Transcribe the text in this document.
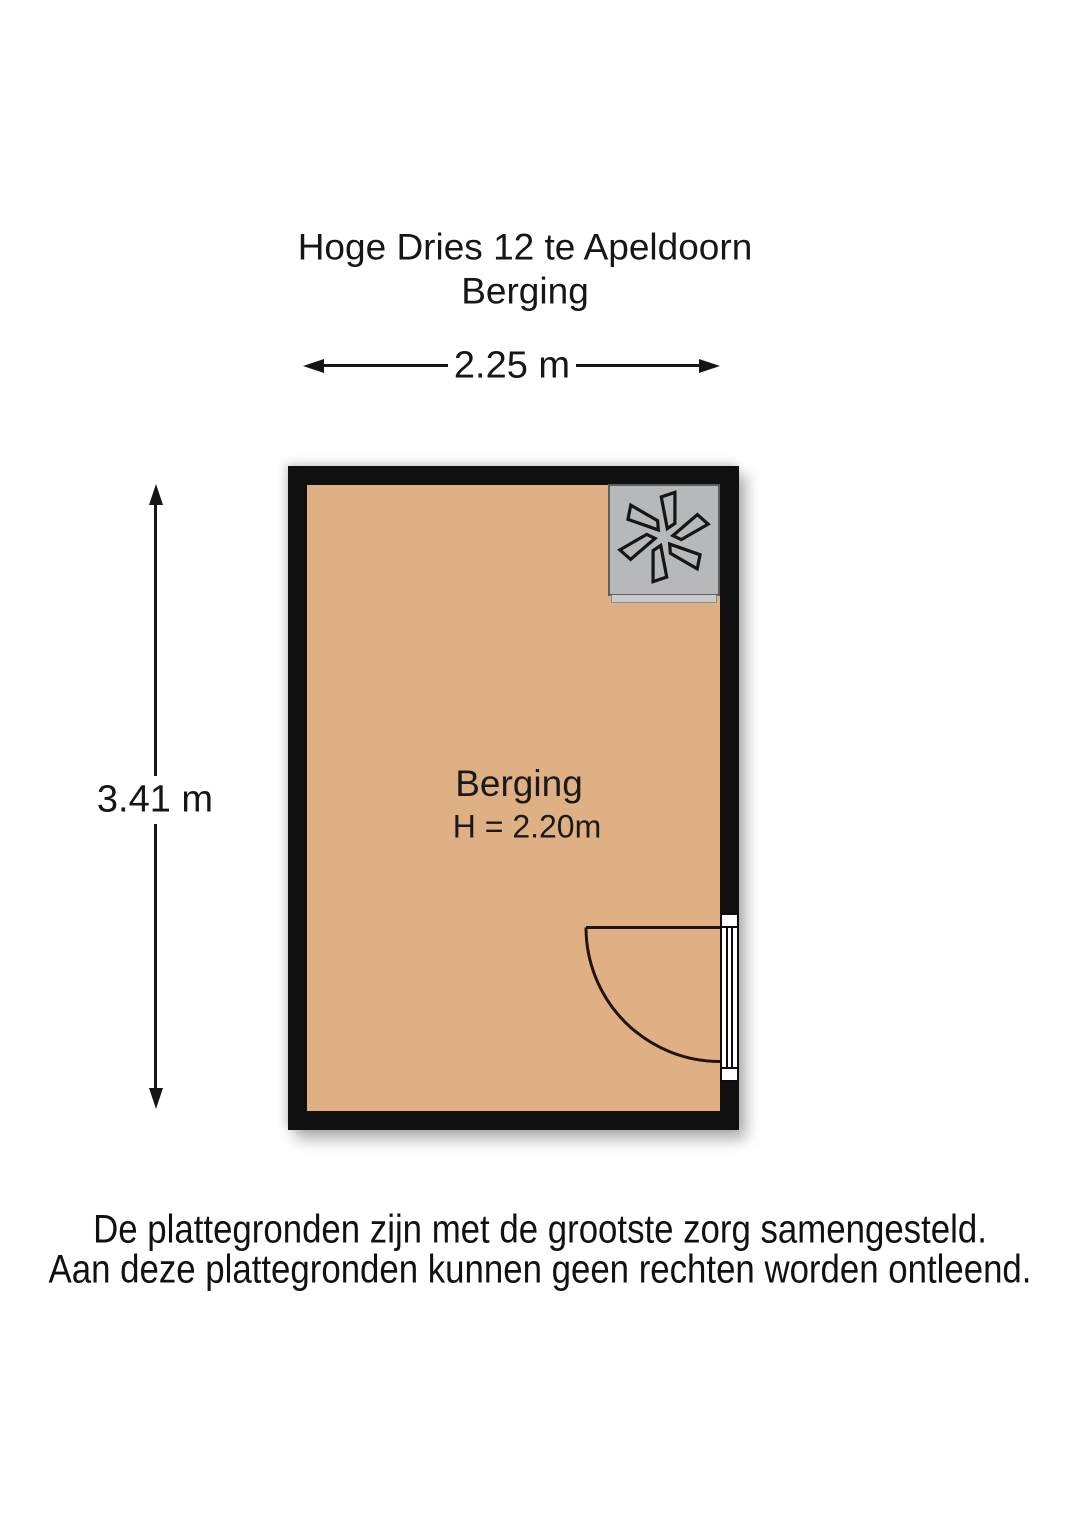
Hoge Dries 12 te Apeldoorn
Berging
2.25 m
3.41 m	Berging
H = 2.20m
De plattegronden zijn met de grootste zorg samengesteld.
Aan deze plattegronden kunnen geen rechten worden ontleend.
